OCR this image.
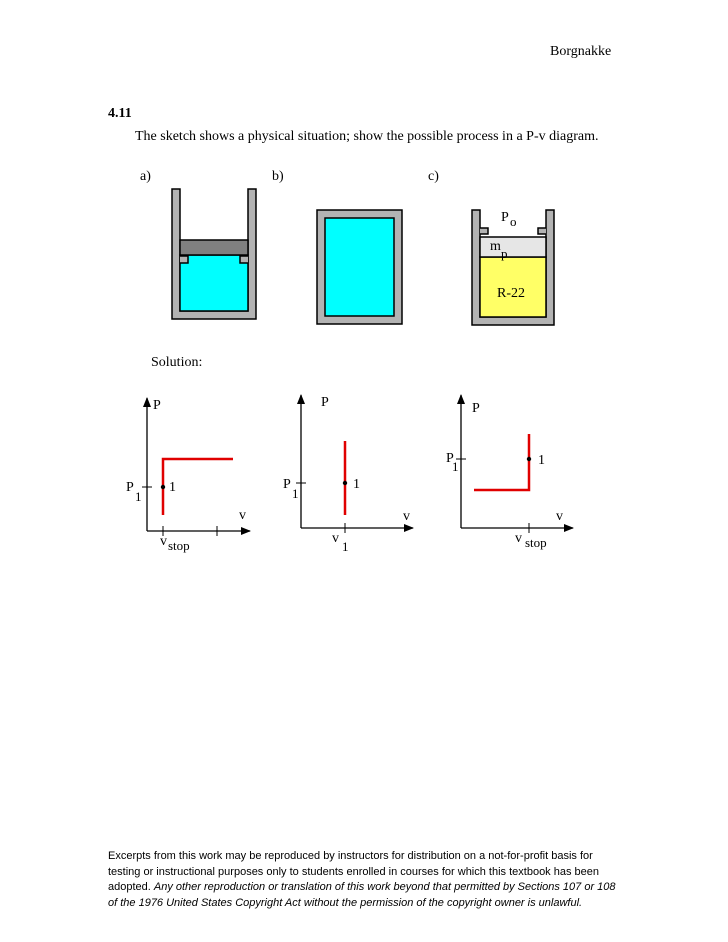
Borgnakke
4.11
The sketch shows a physical situation; show the possible process in a P-v diagram.
a)	b)	c)
Solution:
P o
m p
R-22
P
v
P
1
1
v stop
P
v
P
1
1
v
1
P
v
P
1	1
v stop

Excerpts from this work may be reproduced by instructors for distribution on a not-for-profit basis for

testing or instructional purposes only to students enrolled in courses for which this textbook has been

adopted. Any other reproduction or translation of this work beyond that permitted by Sections 107 or 108

of the 1976 United States Copyright Act without the permission of the copyright owner is unlawful.
